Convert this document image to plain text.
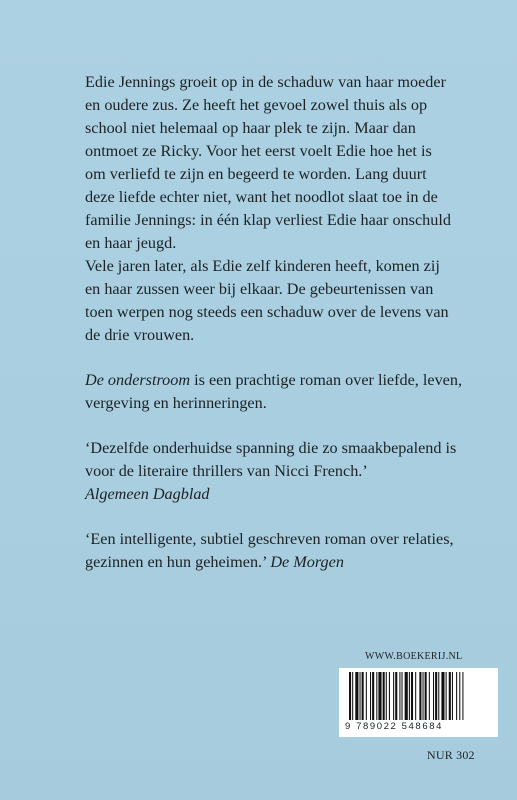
Edie Jennings groeit op in de schaduw van haar moeder

en oudere zus. Ze heeft het gevoel zowel thuis als op

school niet helemaal op haar plek te zijn. Maar dan

ontmoet ze Ricky. Voor het eerst voelt Edie hoe het is

om verliefd te zijn en begeerd te worden. Lang duurt

deze liefde echter niet, want het noodlot slaat toe in de

familie Jennings: in één klap verliest Edie haar onschuld

en haar jeugd.

Vele jaren later, als Edie zelf kinderen heeft, komen zij

en haar zussen weer bij elkaar. De gebeurtenissen van

toen werpen nog steeds een schaduw over de levens van

de drie vrouwen.

De onderstroom is een prachtige roman over liefde, leven,

vergeving en herinneringen.

‘Dezelfde onderhuidse spanning die zo smaakbepalend is

voor de literaire thrillers van Nicci French.’

Algemeen Dagblad

‘Een intelligente, subtiel geschreven roman over relaties,

gezinnen en hun geheimen.’ De Morgen

WWW.BOEKERIJ.NL
9 789022 548684
NUR 302
